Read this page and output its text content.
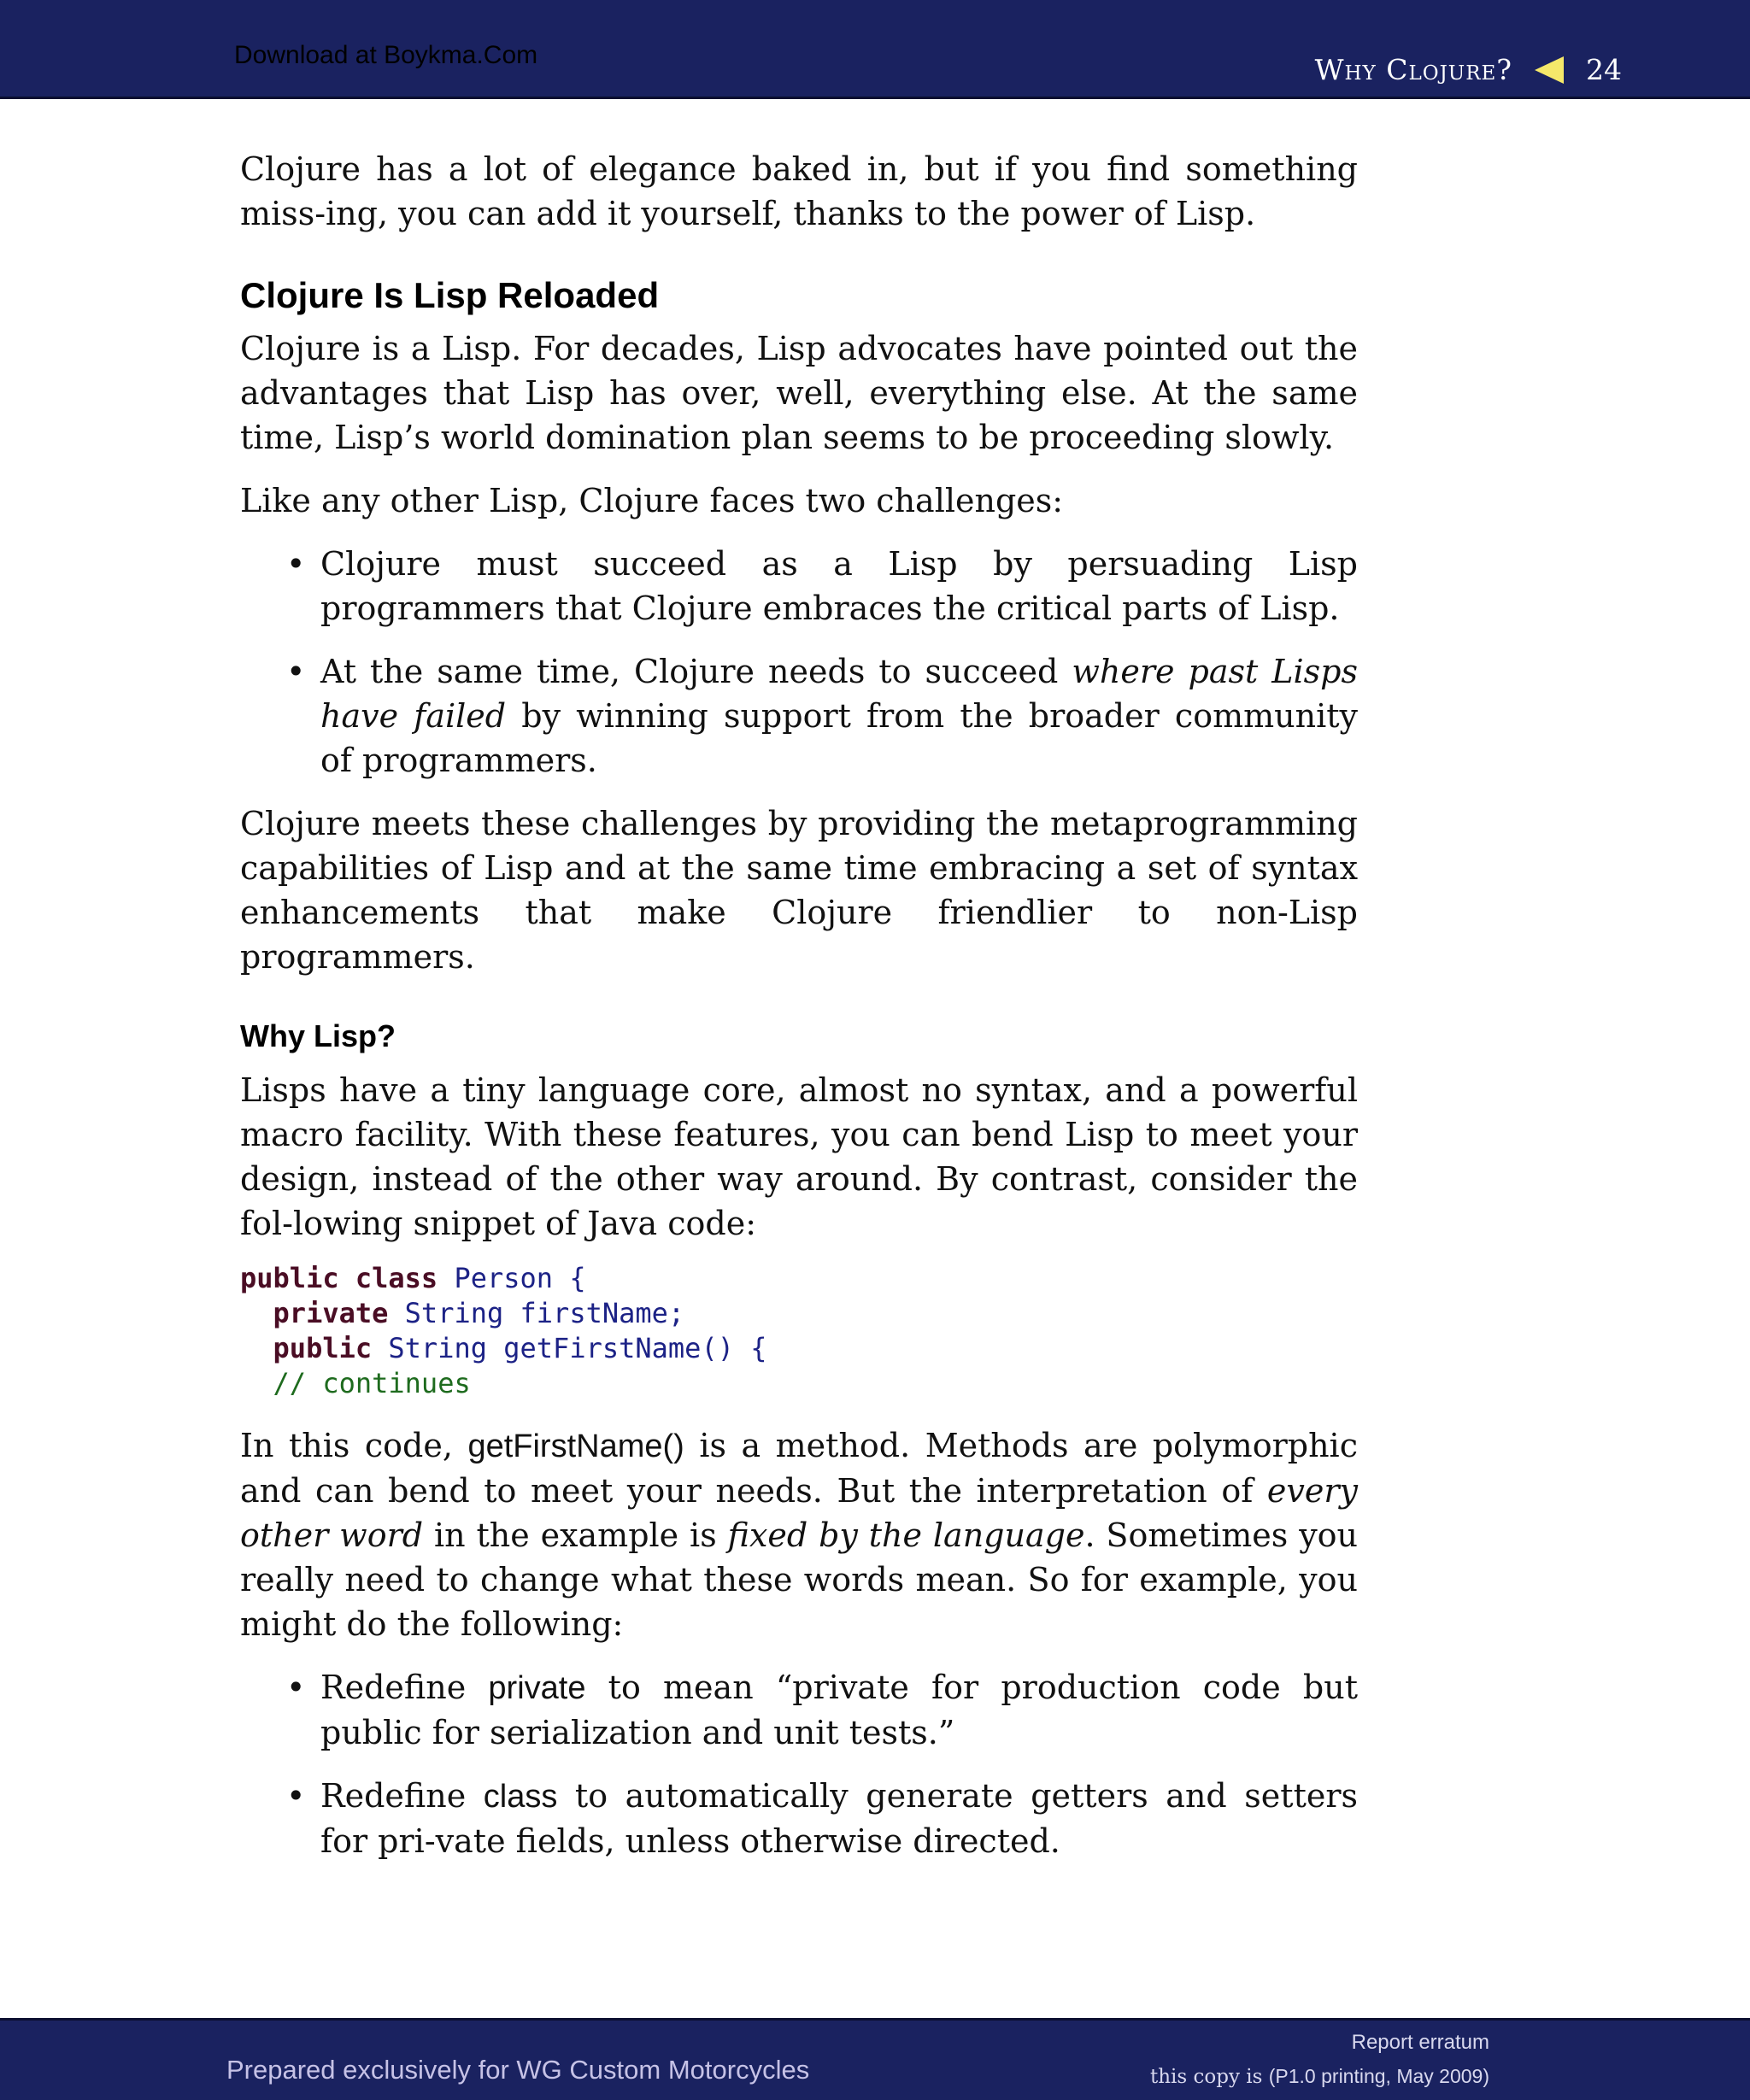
Download at Boykma.Com	Why Clojure?	24

Clojure has a lot of elegance baked in, but if you find something miss-ing, you can add it yourself, thanks to the power of Lisp.

Clojure Is Lisp Reloaded

Clojure is a Lisp. For decades, Lisp advocates have pointed out the advantages that Lisp has over, well, everything else. At the same time, Lisp’s world domination plan seems to be proceeding slowly.

Like any other Lisp, Clojure faces two challenges:

• Clojure must succeed as a Lisp by persuading Lisp programmers that Clojure embraces the critical parts of Lisp.
• At the same time, Clojure needs to succeed where past Lisps have failed by winning support from the broader community of programmers.

Clojure meets these challenges by providing the metaprogramming capabilities of Lisp and at the same time embracing a set of syntax enhancements that make Clojure friendlier to non-Lisp programmers.

Why Lisp?

Lisps have a tiny language core, almost no syntax, and a powerful macro facility. With these features, you can bend Lisp to meet your design, instead of the other way around. By contrast, consider the fol-lowing snippet of Java code:

public class Person {
private String firstName;
public String getFirstName() {
// continues

In this code, getFirstName() is a method. Methods are polymorphic and can bend to meet your needs. But the interpretation of every other word in the example is fixed by the language. Sometimes you really need to change what these words mean. So for example, you might do the following:

• Redefine private to mean “private for production code but public for serialization and unit tests.”
• Redefine class to automatically generate getters and setters for pri-vate fields, unless otherwise directed.
Prepared exclusively for WG Custom Motorcycles
Report erratum
this copy is (P1.0 printing, May 2009)
